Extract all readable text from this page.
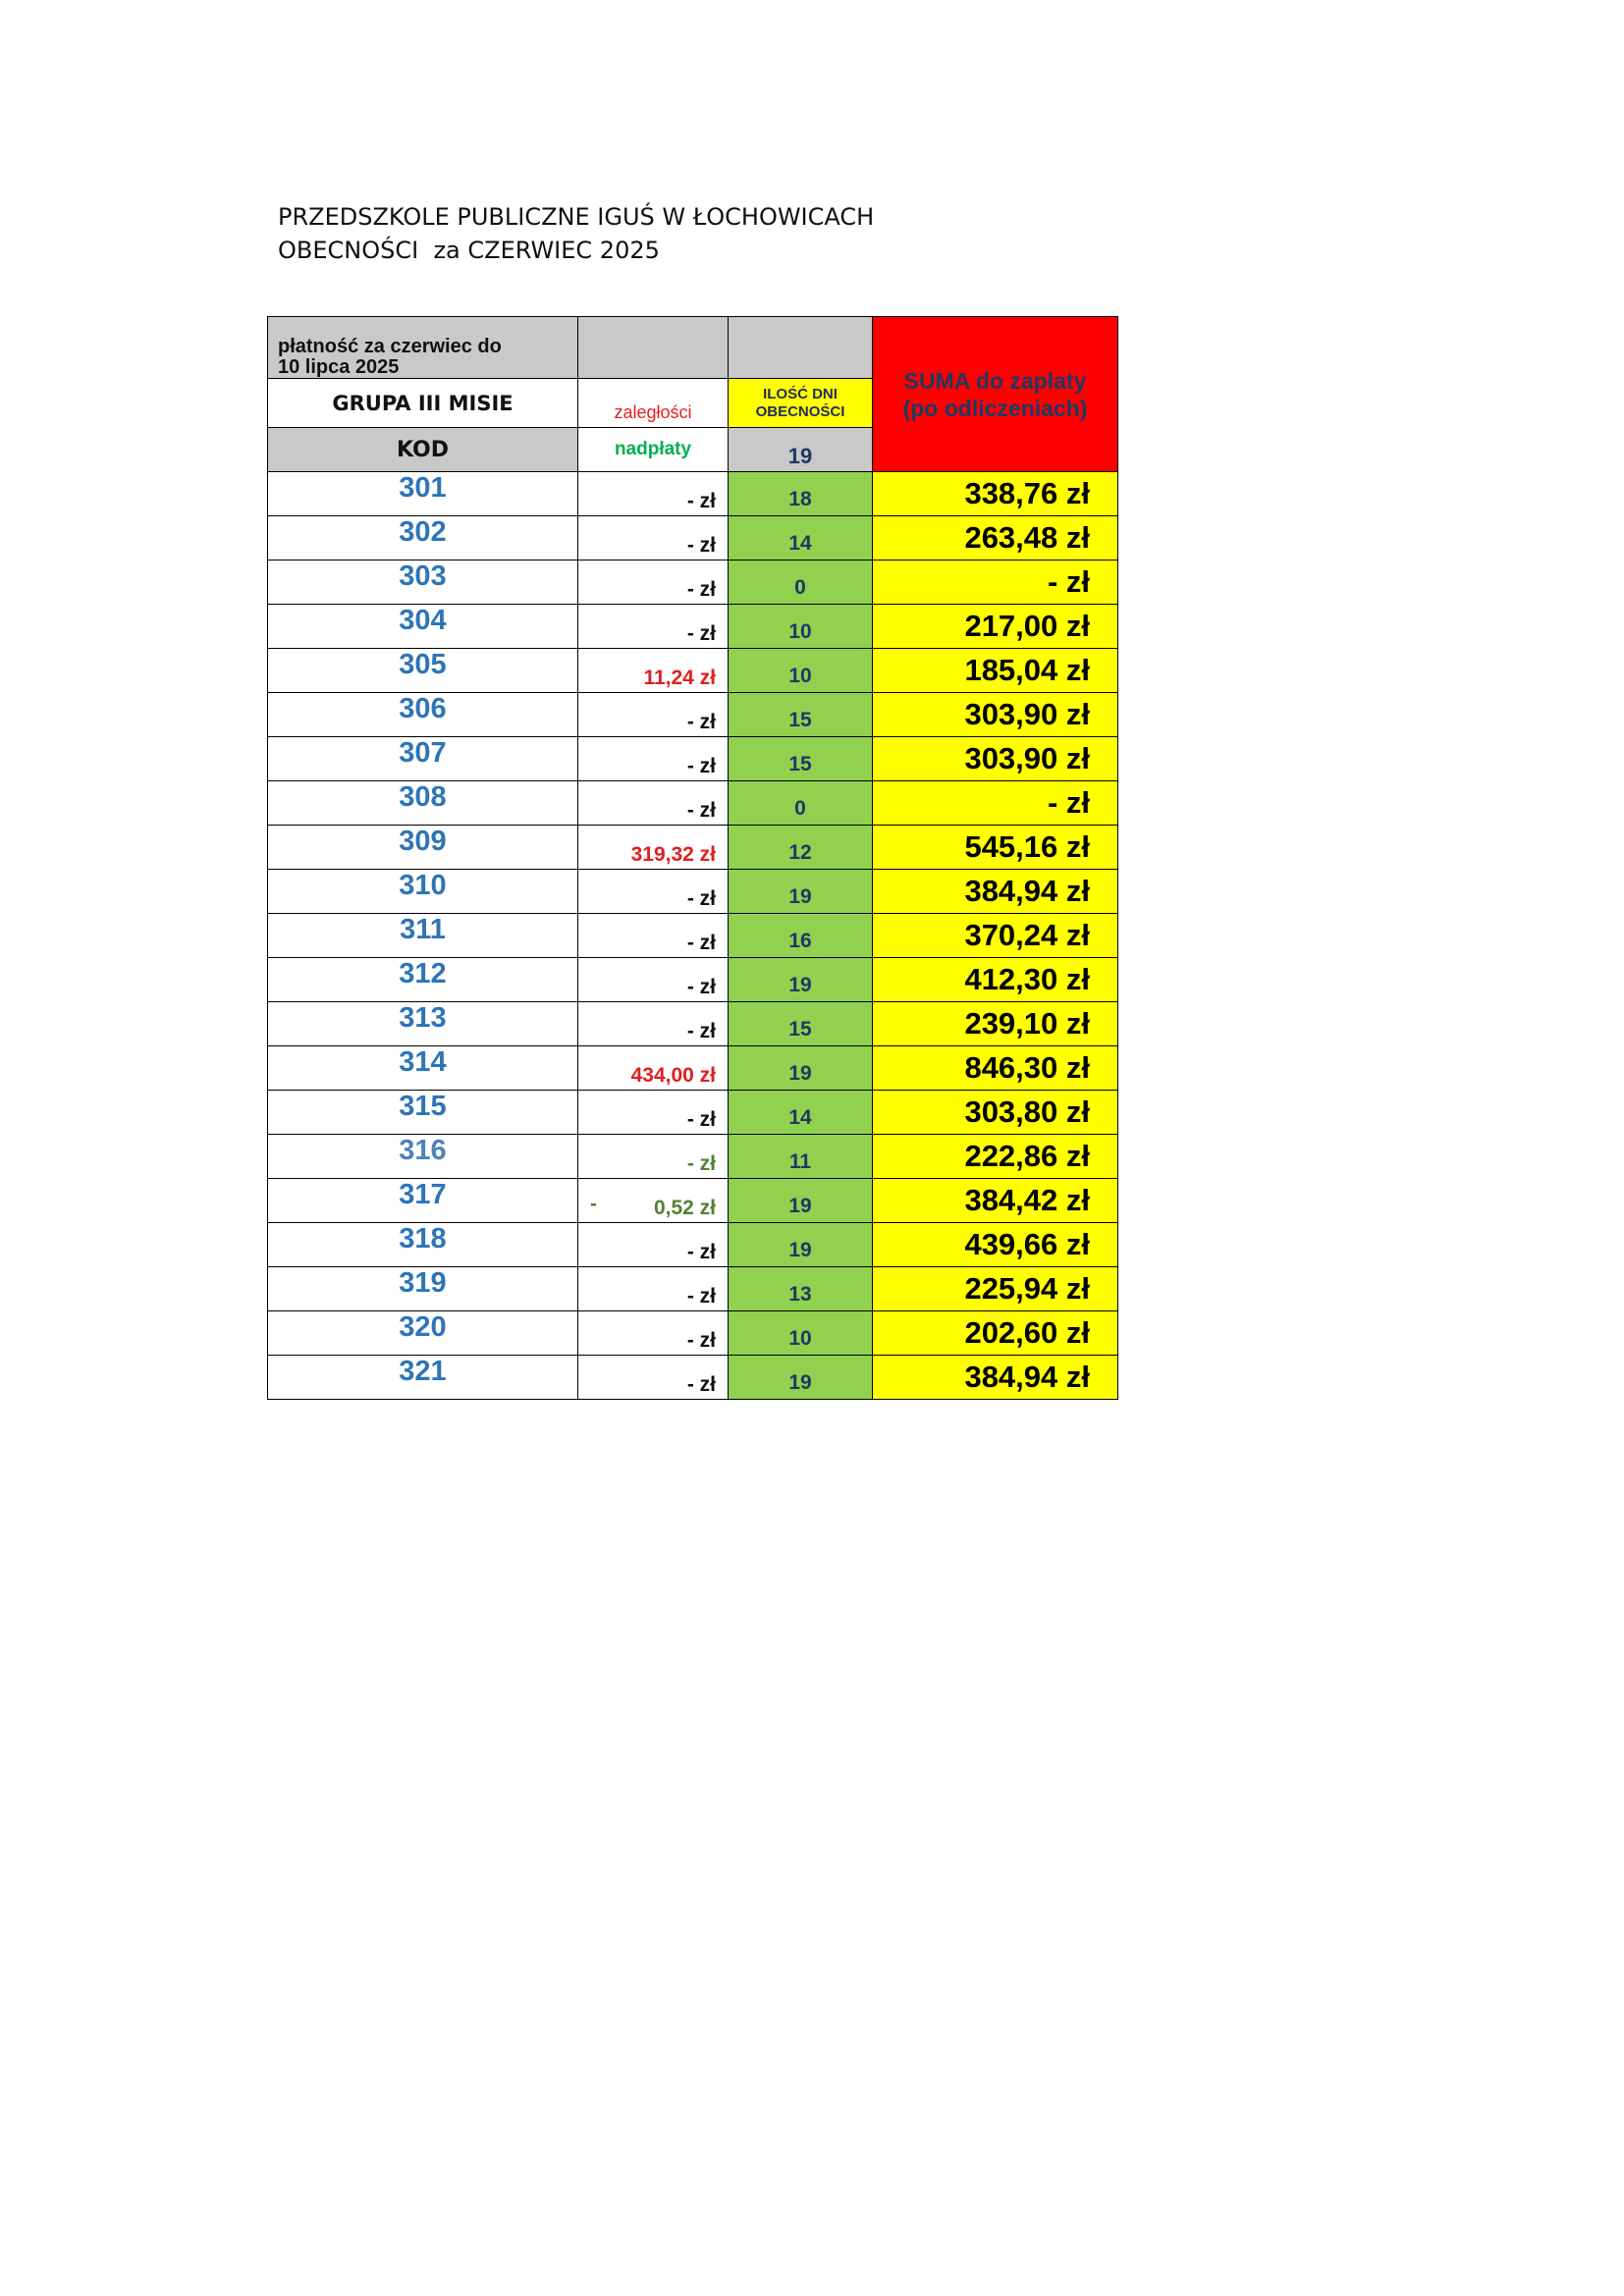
PRZEDSZKOLE PUBLICZNE IGUŚ W ŁOCHOWICACH
OBECNOŚCI  za CZERWIEC 2025
płatność za czerwiec do
10 lipca 2025			SUMA do zapłaty
(po odliczeniach)
GRUPA III MISIE	zaległości	ILOŚĆ DNI
OBECNOŚCI	
KOD	nadpłaty	19	
301	- zł	18	338,76 zł
302	- zł	14	263,48 zł
303	- zł	0	- zł
304	- zł	10	217,00 zł
305	11,24 zł	10	185,04 zł
306	- zł	15	303,90 zł
307	- zł	15	303,90 zł
308	- zł	0	- zł
309	319,32 zł	12	545,16 zł
310	- zł	19	384,94 zł
311	- zł	16	370,24 zł
312	- zł	19	412,30 zł
313	- zł	15	239,10 zł
314	434,00 zł	19	846,30 zł
315	- zł	14	303,80 zł
316	- zł	11	222,86 zł
317	- 0,52 zł	19	384,42 zł
318	- zł	19	439,66 zł
319	- zł	13	225,94 zł
320	- zł	10	202,60 zł
321	- zł	19	384,94 zł
